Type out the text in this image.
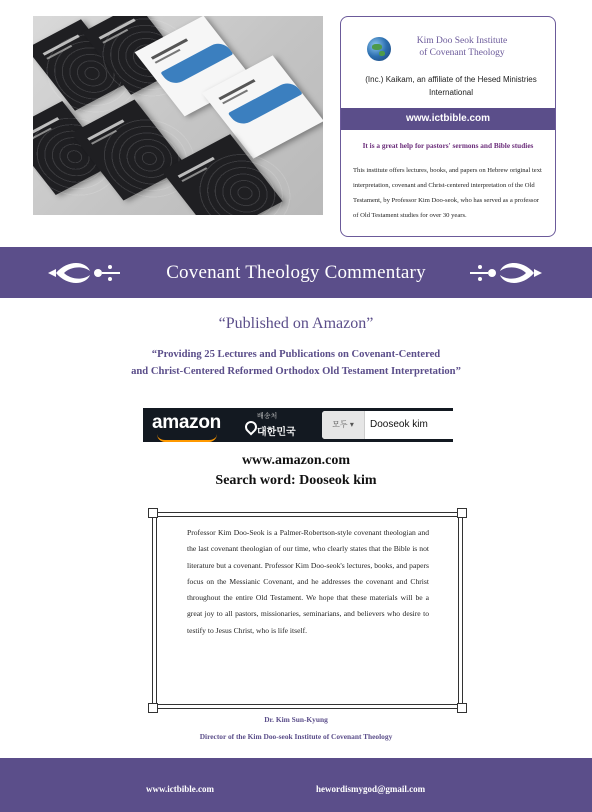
Kim Doo Seok Institute
of Covenant Theology
(Inc.) Kaikam, an affiliate of the Hesed Ministries International
www.ictbible.com
It is a great help for pastors' sermons and Bible studies
This institute offers lectures, books, and papers on Hebrew original text interpretation, covenant and Christ-centered interpretation of the Old Testament, by Professor Kim Doo-seok, who has served as a professor of Old Testament studies for over 30 years.
Covenant Theology Commentary
“Published on Amazon”
“Providing 25 Lectures and Publications on Covenant-Centered
and Christ-Centered Reformed Orthodox Old Testament Interpretation”
amazon	배송처
대한민국
모두 ▾	Dooseok kim
www.amazon.com
Search word: Dooseok kim
Professor Kim Doo-Seok is a Palmer-Robertson-style covenant theologian and the last covenant theologian of our time, who clearly states that the Bible is not literature but a covenant. Professor Kim Doo-seok's lectures, books, and papers focus on the Messianic Covenant, and he addresses the covenant and Christ throughout the entire Old Testament. We hope that these materials will be a great joy to all pastors, missionaries, seminarians, and believers who desire to testify to Jesus Christ, who is life itself.
Dr. Kim Sun-Kyung
Director of the Kim Doo-seok Institute of Covenant Theology
www.ictbible.com	hewordismygod@gmail.com
